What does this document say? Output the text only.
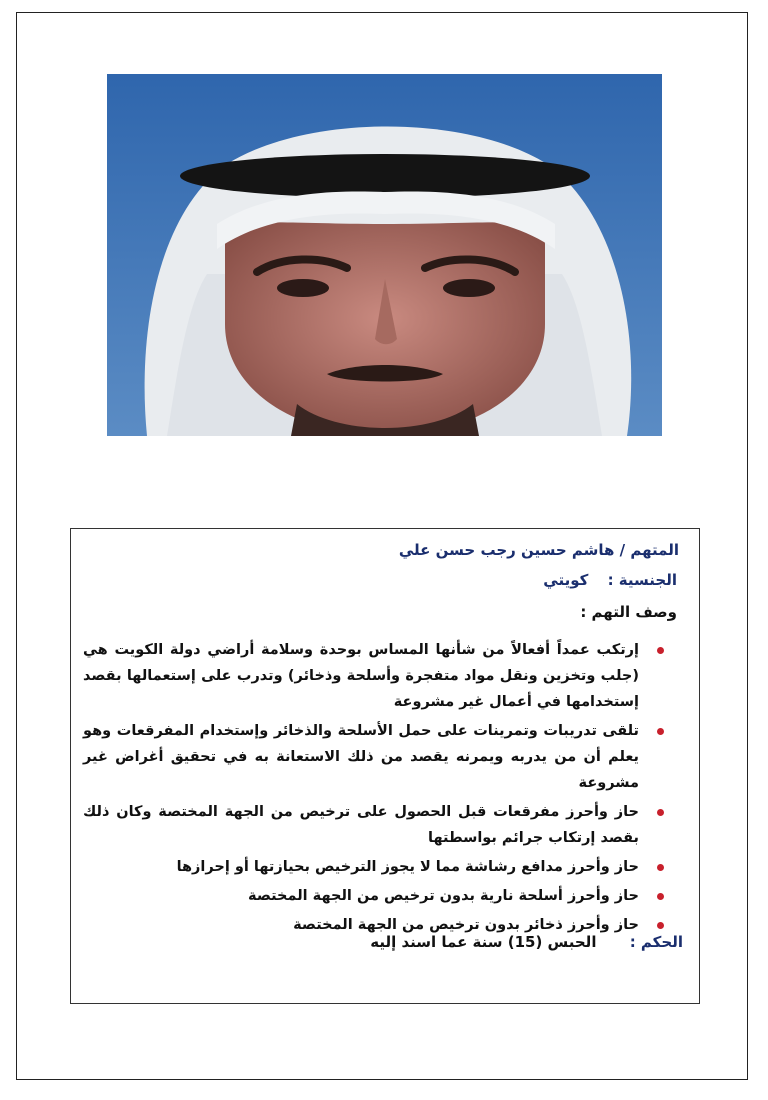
المتهم / هاشم حسين رجب حسن علي
الجنسية : كويتي
وصف التهم :
إرتكب عمداً أفعالاً من شأنها المساس بوحدة وسلامة أراضي دولة الكويت هي (جلب وتخزين ونقل مواد متفجرة وأسلحة وذخائر) وتدرب على إستعمالها بقصد إستخدامها في أعمال غير مشروعة
تلقى تدريبات وتمرينات على حمل الأسلحة والذخائر وإستخدام المفرقعات وهو يعلم أن من يدربه ويمرنه يقصد من ذلك الاستعانة به في تحقيق أغراض غير مشروعة
حاز وأحرز مفرقعات قبل الحصول على ترخيص من الجهة المختصة وكان ذلك بقصد إرتكاب جرائم بواسطتها
حاز وأحرز مدافع رشاشة مما لا يجوز الترخيص بحيازتها أو إحرازها
حاز وأحرز أسلحة نارية بدون ترخيص من الجهة المختصة
حاز وأحرز ذخائر بدون ترخيص من الجهة المختصة
الحكم : الحبس (15) سنة عما اسند إليه
